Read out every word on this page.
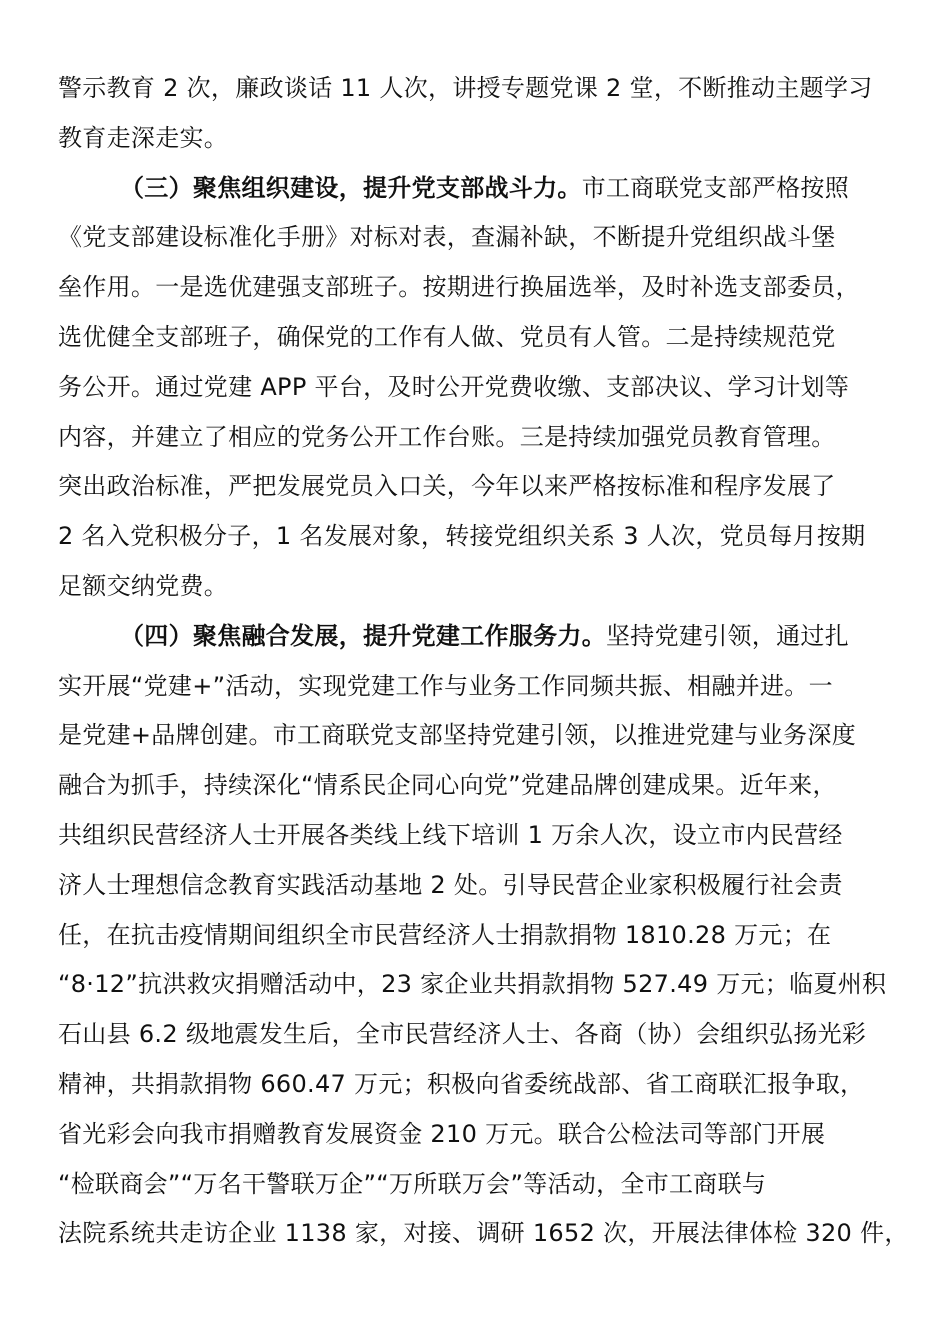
警示教育 2 次，廉政谈话 11 人次，讲授专题党课 2 堂，不断推动主题学习
教育走深走实。
（三）聚焦组织建设，提升党支部战斗力。市工商联党支部严格按照
《党支部建设标准化手册》对标对表，查漏补缺，不断提升党组织战斗堡
垒作用。一是选优建强支部班子。按期进行换届选举，及时补选支部委员，
选优健全支部班子，确保党的工作有人做、党员有人管。二是持续规范党
务公开。通过党建 APP 平台，及时公开党费收缴、支部决议、学习计划等
内容，并建立了相应的党务公开工作台账。三是持续加强党员教育管理。
突出政治标准，严把发展党员入口关，今年以来严格按标准和程序发展了
2 名入党积极分子，1 名发展对象，转接党组织关系 3 人次，党员每月按期
足额交纳党费。
（四）聚焦融合发展，提升党建工作服务力。坚持党建引领，通过扎
实开展“党建+”活动，实现党建工作与业务工作同频共振、相融并进。一
是党建+品牌创建。市工商联党支部坚持党建引领，以推进党建与业务深度
融合为抓手，持续深化“情系民企同心向党”党建品牌创建成果。近年来，
共组织民营经济人士开展各类线上线下培训 1 万余人次，设立市内民营经
济人士理想信念教育实践活动基地 2 处。引导民营企业家积极履行社会责
任，在抗击疫情期间组织全市民营经济人士捐款捐物 1810.28 万元；在
“8·12”抗洪救灾捐赠活动中，23 家企业共捐款捐物 527.49 万元；临夏州积
石山县 6.2 级地震发生后，全市民营经济人士、各商（协）会组织弘扬光彩
精神，共捐款捐物 660.47 万元；积极向省委统战部、省工商联汇报争取，
省光彩会向我市捐赠教育发展资金 210 万元。联合公检法司等部门开展
“检联商会”“万名干警联万企”“万所联万会”等活动，全市工商联与
法院系统共走访企业 1138 家，对接、调研 1652 次，开展法律体检 320 件，
